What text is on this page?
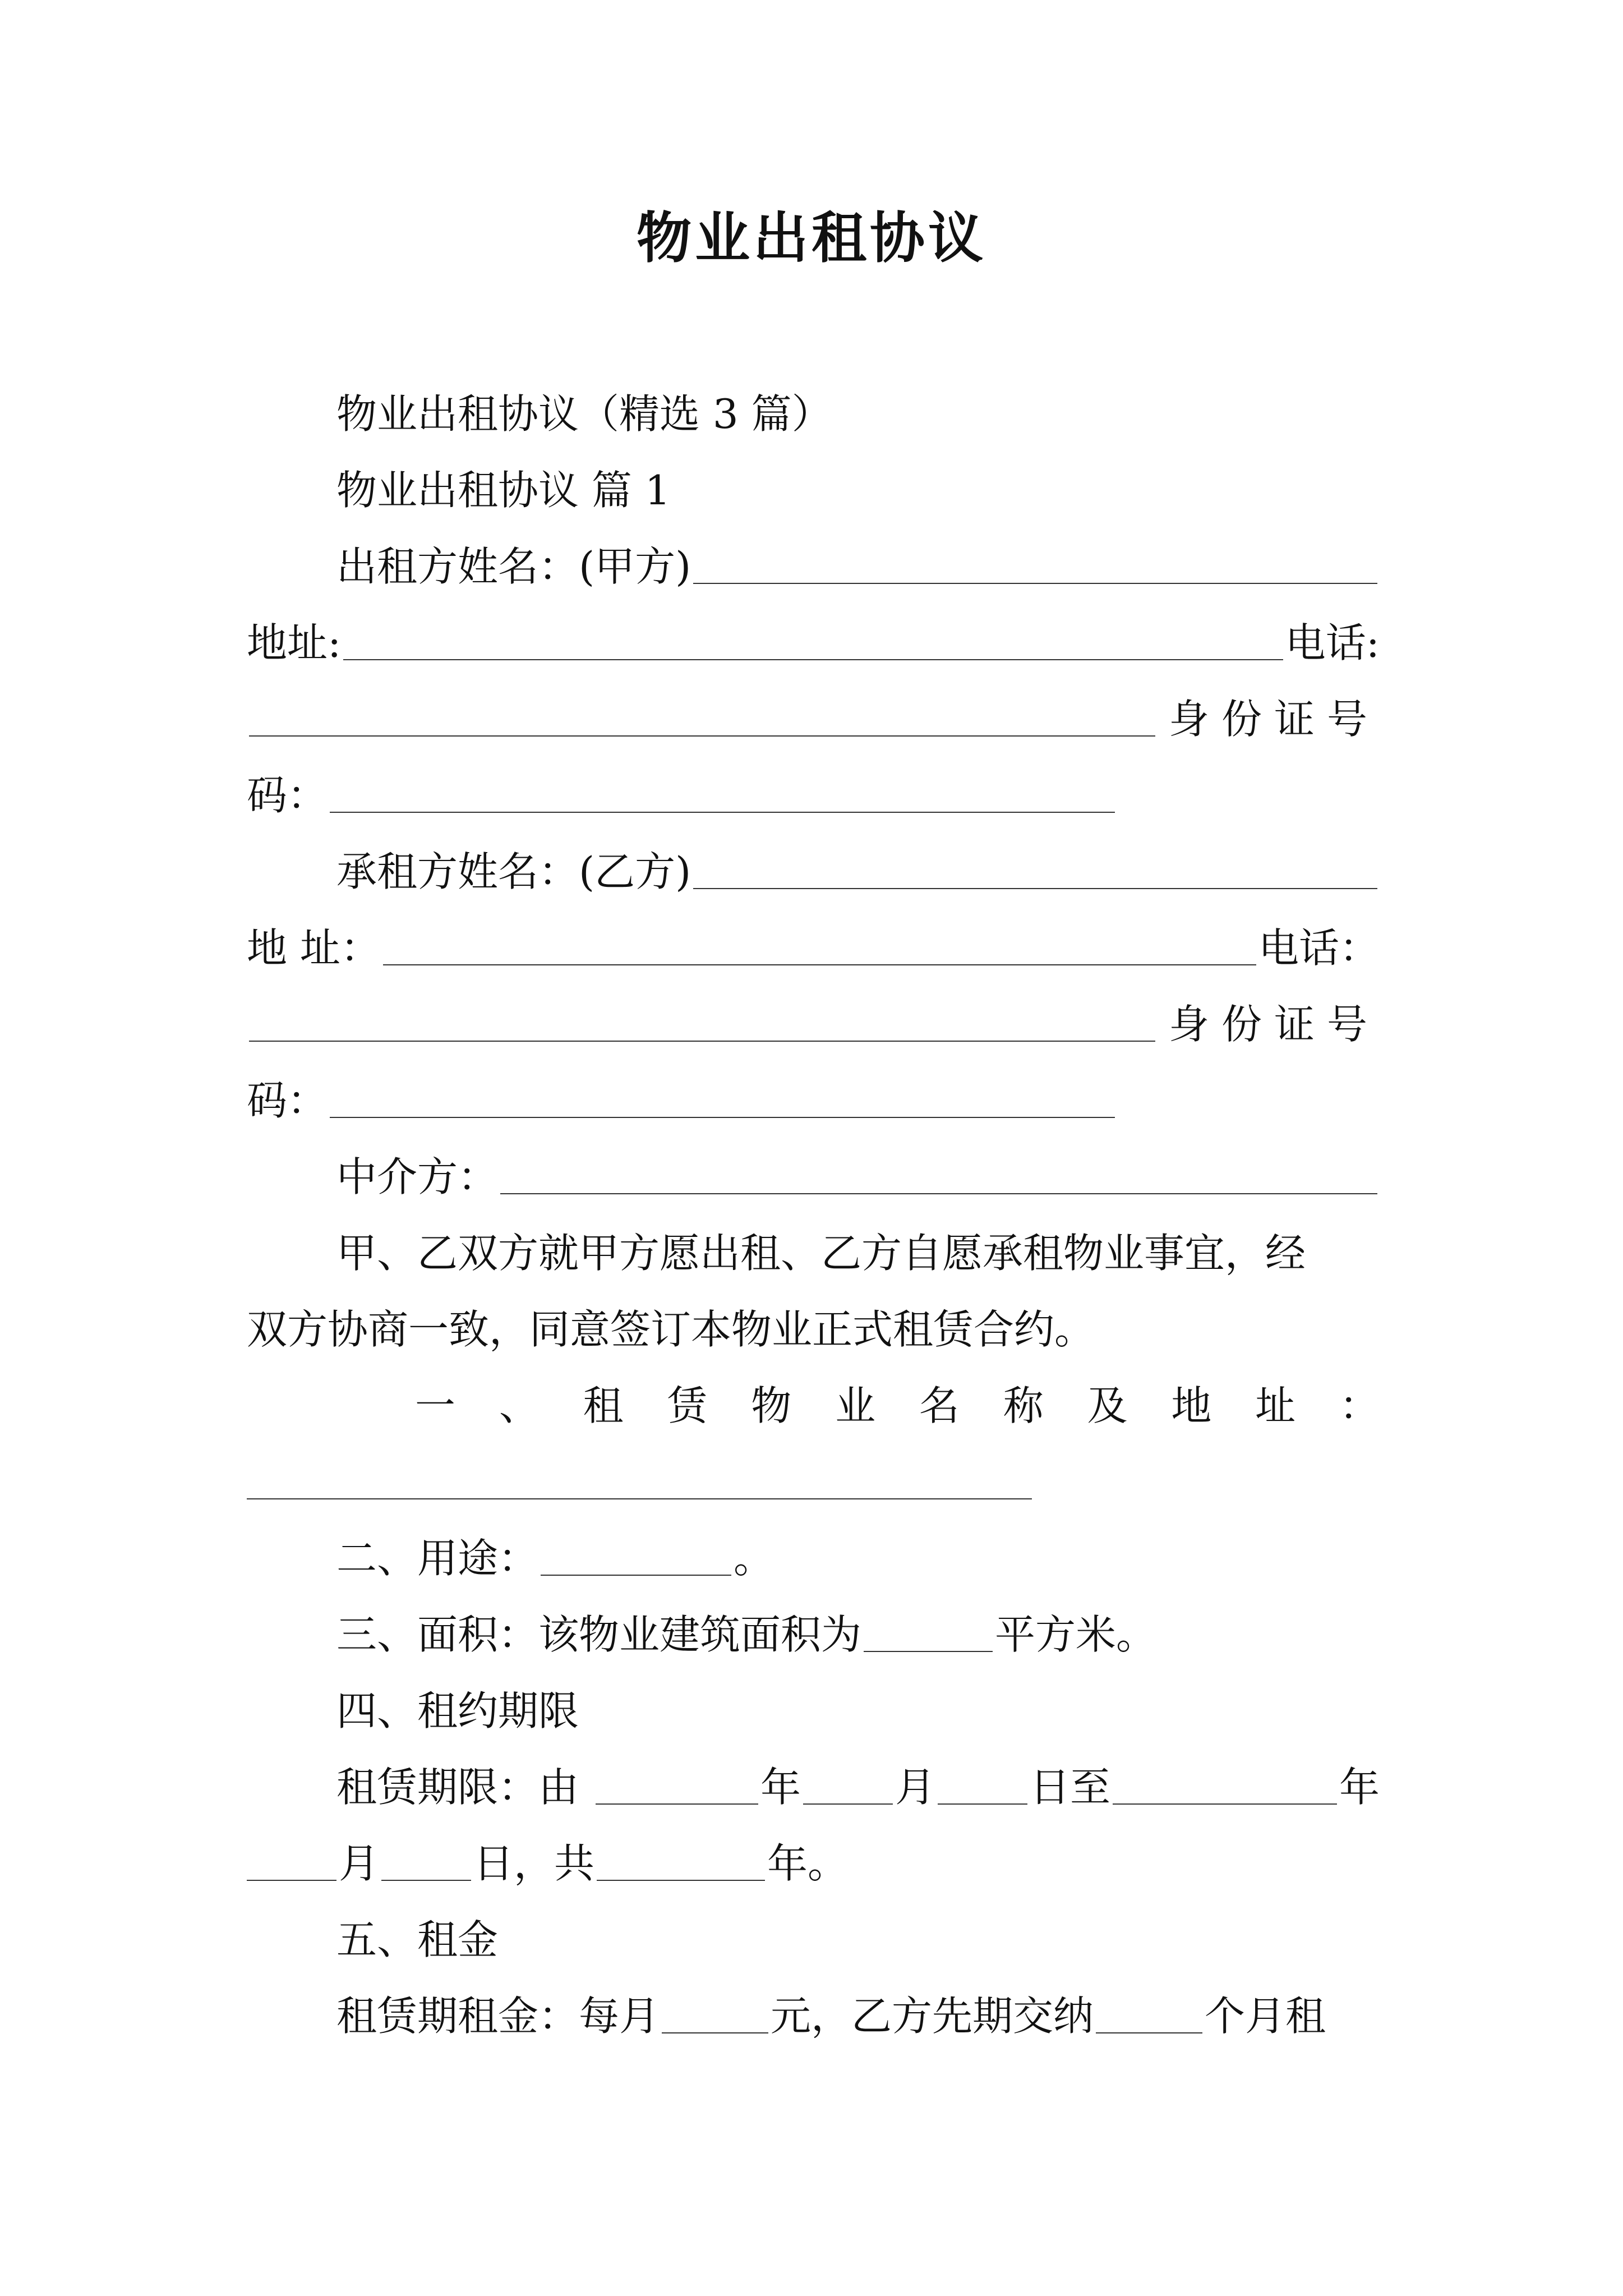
物业出租协议
物业出租协议（精选 3 篇）
物业出租协议 篇 1
出租方姓名：(甲方)
地址:	电话:
身份证号
码：
承租方姓名：(乙方)
地 址：	电话：
身份证号
码：
中介方：
甲、乙双方就甲方愿出租、乙方自愿承租物业事宜，经
双方协商一致，同意签订本物业正式租赁合约。
一 、 租 赁 物 业 名 称 及 地 址 ：
二、用途：	。
三、面积：该物业建筑面积为	平方米。
四、租约期限
租赁期限：由	年 月 日至	年
月 日，共	年。
五、租金
租赁期租金：每月	元，乙方先期交纳	个月租
